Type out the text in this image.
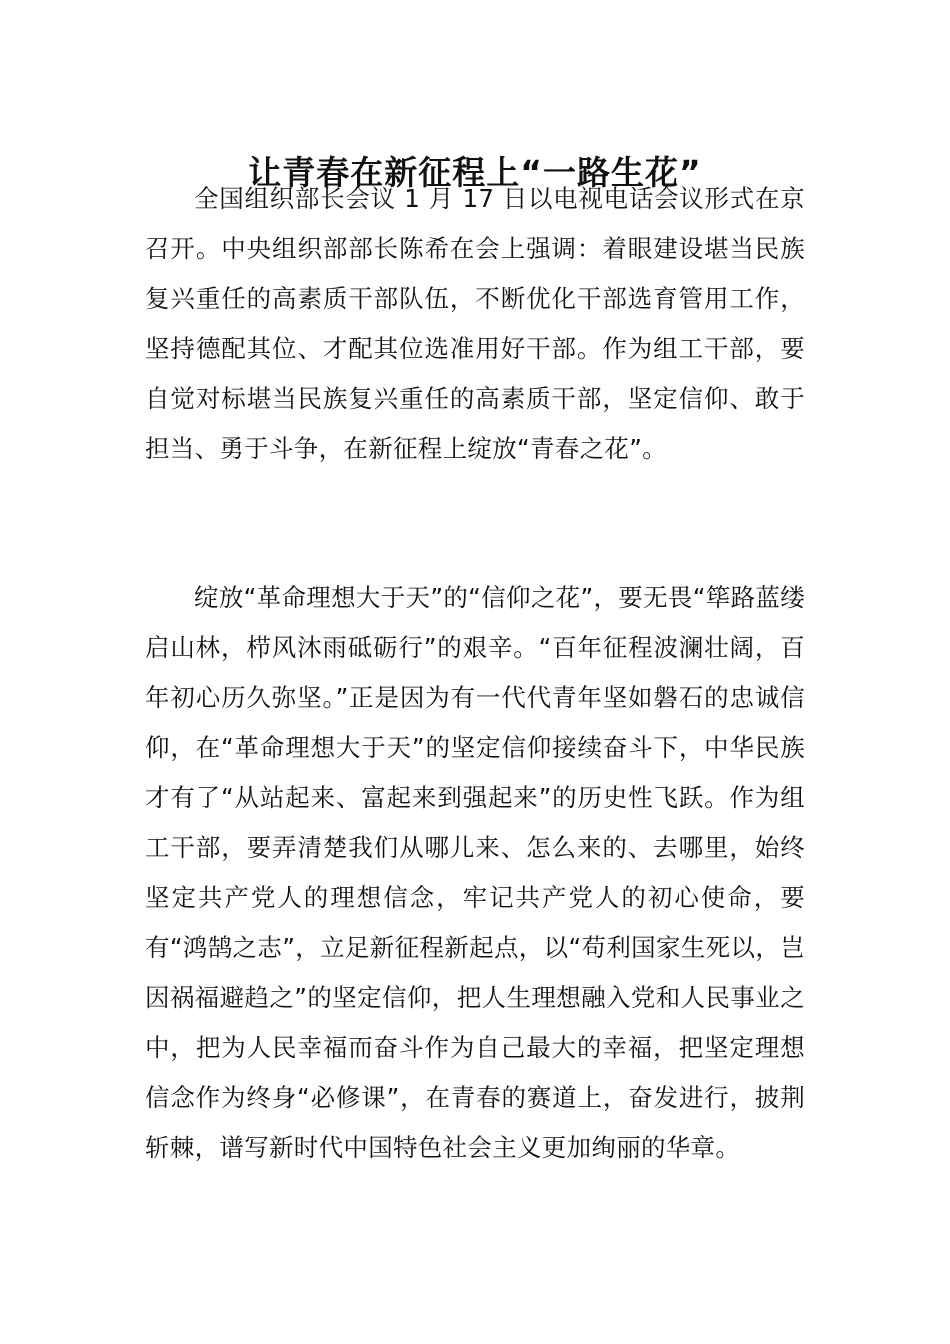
让青春在新征程上“一路生花”

全国组织部长会议 1 月 17 日以电视电话会议形式在京召开。中央组织部部长陈希在会上强调：着眼建设堪当民族复兴重任的高素质干部队伍，不断优化干部选育管用工作，坚持德配其位、才配其位选准用好干部。作为组工干部，要自觉对标堪当民族复兴重任的高素质干部，坚定信仰、敢于担当、勇于斗争，在新征程上绽放“青春之花”。

绽放“革命理想大于天”的“信仰之花”，要无畏“筚路蓝缕启山林，栉风沐雨砥砺行”的艰辛。“百年征程波澜壮阔，百年初心历久弥坚。”正是因为有一代代青年坚如磐石的忠诚信仰，在“革命理想大于天”的坚定信仰接续奋斗下，中华民族才有了“从站起来、富起来到强起来”的历史性飞跃。作为组工干部，要弄清楚我们从哪儿来、怎么来的、去哪里，始终坚定共产党人的理想信念，牢记共产党人的初心使命，要有“鸿鹄之志”，立足新征程新起点，以“苟利国家生死以，岂因祸福避趋之”的坚定信仰，把人生理想融入党和人民事业之中，把为人民幸福而奋斗作为自己最大的幸福，把坚定理想信念作为终身“必修课”，在青春的赛道上，奋发进行，披荆斩棘，谱写新时代中国特色社会主义更加绚丽的华章。
